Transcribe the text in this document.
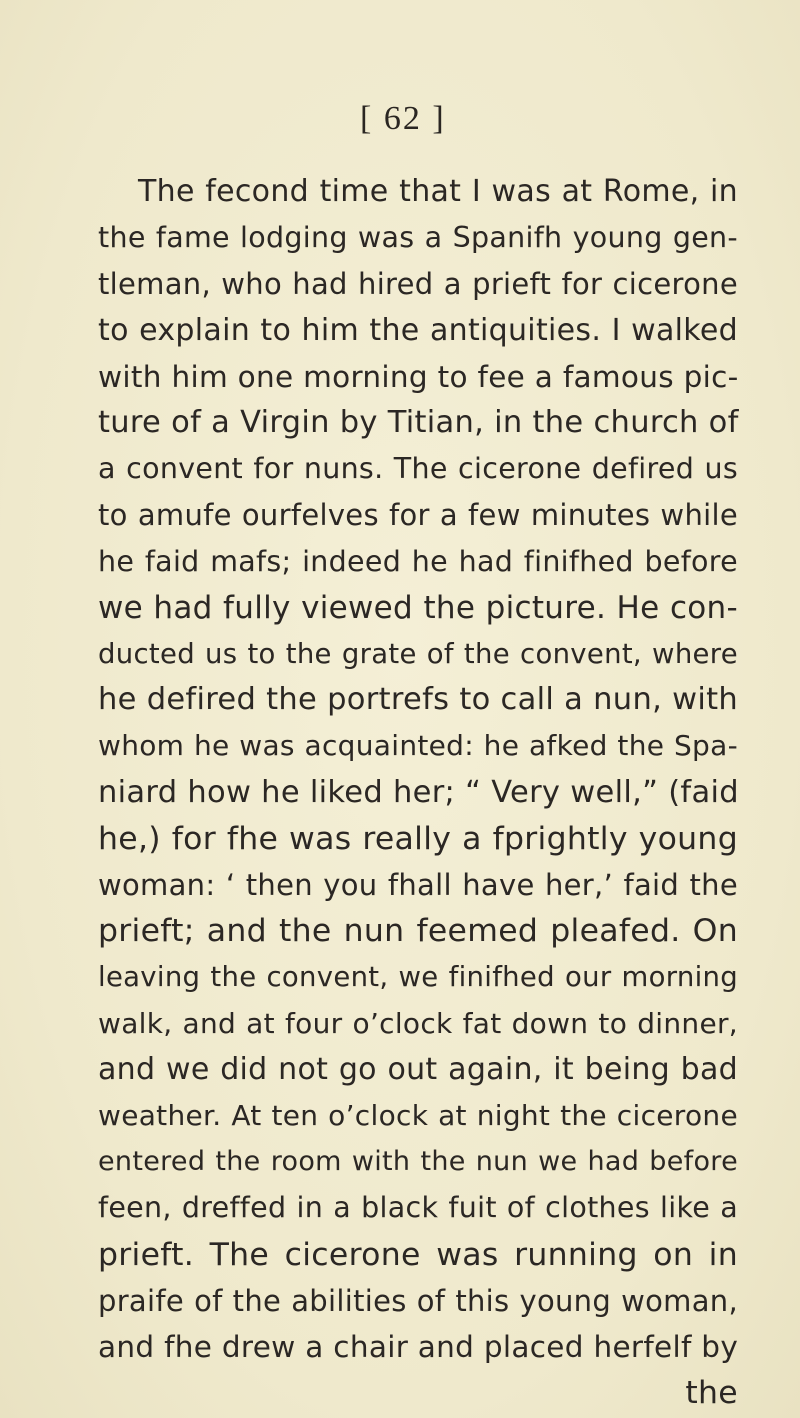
[ 62 ]
The fecond time that I was at Rome, in
the fame lodging was a Spanifh young gen-
tleman, who had hired a prieft for cicerone
to explain to him the antiquities. I walked
with him one morning to fee a famous pic-
ture of a Virgin by Titian, in the church of
a convent for nuns. The cicerone defired us
to amufe ourfelves for a few minutes while
he faid mafs; indeed he had finifhed before
we had fully viewed the picture. He con-
ducted us to the grate of the convent, where
he defired the portrefs to call a nun, with
whom he was acquainted: he afked the Spa-
niard how he liked her; “ Very well,” (faid
he,) for fhe was really a fprightly young
woman: ‘ then you fhall have her,’ faid the
prieft; and the nun feemed pleafed. On
leaving the convent, we finifhed our morning
walk, and at four o’clock fat down to dinner,
and we did not go out again, it being bad
weather. At ten o’clock at night the cicerone
entered the room with the nun we had before
feen, dreffed in a black fuit of clothes like a
prieft. The cicerone was running on in
praife of the abilities of this young woman,
and fhe drew a chair and placed herfelf by
the
